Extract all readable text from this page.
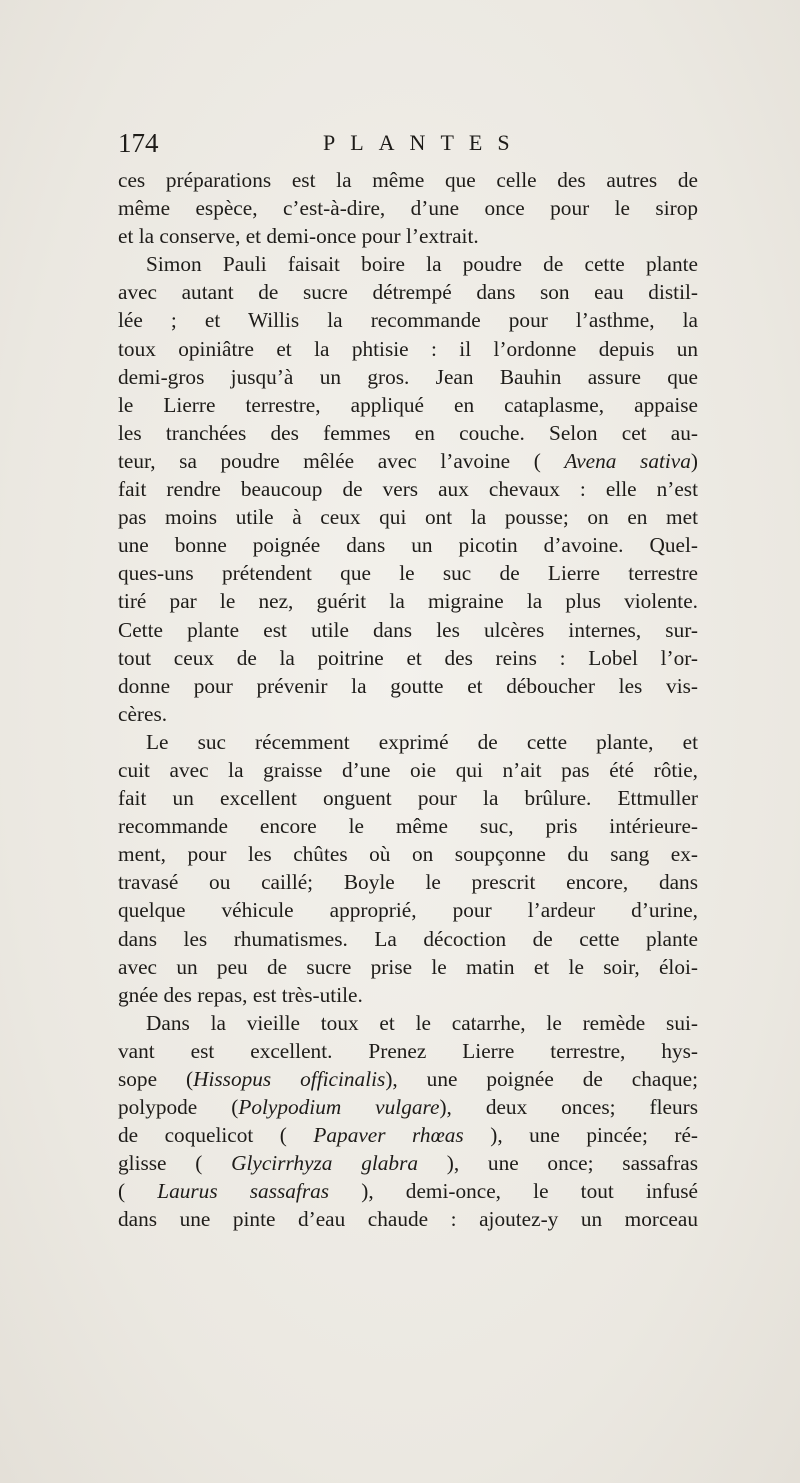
174	PLANTES
ces préparations est la même que celle des autres de
même espèce, c’est-à-dire, d’une once pour le sirop
et la conserve, et demi-once pour l’extrait.
Simon Pauli faisait boire la poudre de cette plante
avec autant de sucre détrempé dans son eau distil-
lée ; et Willis la recommande pour l’asthme, la
toux opiniâtre et la phtisie : il l’ordonne depuis un
demi-gros jusqu’à un gros. Jean Bauhin assure que
le Lierre terrestre, appliqué en cataplasme, appaise
les tranchées des femmes en couche. Selon cet au-
teur, sa poudre mêlée avec l’avoine ( Avena sativa)
fait rendre beaucoup de vers aux chevaux : elle n’est
pas moins utile à ceux qui ont la pousse; on en met
une bonne poignée dans un picotin d’avoine. Quel-
ques-uns prétendent que le suc de Lierre terrestre
tiré par le nez, guérit la migraine la plus violente.
Cette plante est utile dans les ulcères internes, sur-
tout ceux de la poitrine et des reins : Lobel l’or-
donne pour prévenir la goutte et déboucher les vis-
cères.
Le suc récemment exprimé de cette plante, et
cuit avec la graisse d’une oie qui n’ait pas été rôtie,
fait un excellent onguent pour la brûlure. Ettmuller
recommande encore le même suc, pris intérieure-
ment, pour les chûtes où on soupçonne du sang ex-
travasé ou caillé; Boyle le prescrit encore, dans
quelque véhicule approprié, pour l’ardeur d’urine,
dans les rhumatismes. La décoction de cette plante
avec un peu de sucre prise le matin et le soir, éloi-
gnée des repas, est très-utile.
Dans la vieille toux et le catarrhe, le remède sui-
vant est excellent. Prenez Lierre terrestre, hys-
sope (Hissopus officinalis), une poignée de chaque;
polypode (Polypodium vulgare), deux onces; fleurs
de coquelicot ( Papaver rhœas ), une pincée; ré-
glisse ( Glycirrhyza glabra ), une once; sassafras
( Laurus sassafras ), demi-once, le tout infusé
dans une pinte d’eau chaude : ajoutez-y un morceau
